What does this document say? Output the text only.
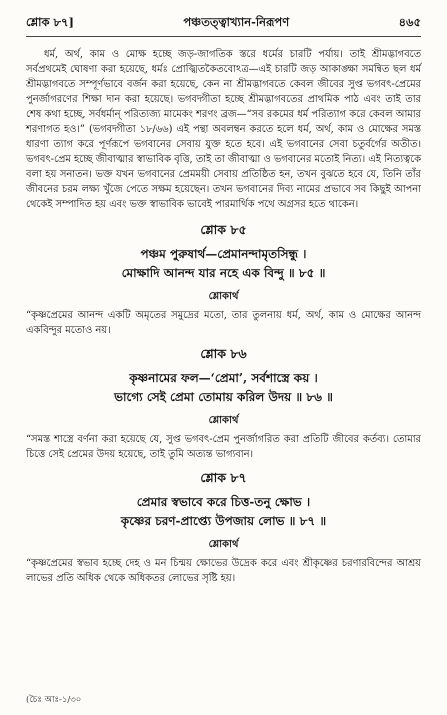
শ্লোক ৮৭]	পঞ্চতত্ত্বাখ্যান-নিরূপণ	৪৬৫

ধর্ম, অর্থ, কাম ও মোক্ষ হচ্ছে জড়-জাগতিক স্তরে ধর্মের চারটি পর্যায়। তাই শ্রীমদ্ভাগবতে সর্বপ্রথমেই ঘোষণা করা হয়েছে, ধর্মঃ প্রোজ্ঝিতকৈতবোঽত্র—এই চারটি জড় আকাঙ্ক্ষা সমন্বিত ছল ধর্ম শ্রীমদ্ভাগবতে সম্পূর্ণভাবে বর্জন করা হয়েছে, কেন না শ্রীমদ্ভাগবতে কেবল জীবের সুপ্ত ভগবৎ-প্রেমের পুনর্জাগরণের শিক্ষা দান করা হয়েছে। ভগবদ্গীতা হচ্ছে শ্রীমদ্ভাগবতের প্রাথমিক পাঠ এবং তাই তার শেষ কথা হচ্ছে, সর্বধর্মান্ পরিত্যজ্য মামেকং শরণং ব্রজ—“সব রকমের ধর্ম পরিত্যাগ করে কেবল আমার শরণাগত হও।” (ভগবদ্গীতা ১৮/৬৬) এই পন্থা অবলম্বন করতে হলে ধর্ম, অর্থ, কাম ও মোক্ষের সমস্ত ধারণা ত্যাগ করে পূর্ণরূপে ভগবানের সেবায় যুক্ত হতে হবে। এই ভগবানের সেবা চতুর্বর্গের অতীত। ভগবৎ-প্রেম হচ্ছে জীবাত্মার স্বাভাবিক বৃত্তি, তাই তা জীবাত্মা ও ভগবানের মতোই নিত্য। এই নিত্যত্বকে বলা হয় সনাতন। ভক্ত যখন ভগবানের প্রেমময়ী সেবায় প্রতিষ্ঠিত হন, তখন বুঝতে হবে যে, তিনি তাঁর জীবনের চরম লক্ষ্য খুঁজে পেতে সক্ষম হয়েছেন। তখন ভগবানের দিব্য নামের প্রভাবে সব কিছুই আপনা থেকেই সম্পাদিত হয় এবং ভক্ত স্বাভাবিক ভাবেই পারমার্থিক পথে অগ্রসর হতে থাকেন।

শ্লোক ৮৫
পঞ্চম পুরুষার্থ—প্রেমানন্দামৃতসিন্ধু ।
মোক্ষাদি আনন্দ যার নহে এক বিন্দু ॥ ৮৫ ॥
শ্লোকার্থ

“কৃষ্ণপ্রেমের আনন্দ একটি অমৃতের সমুদ্রের মতো, তার তুলনায় ধর্ম, অর্থ, কাম ও মোক্ষের আনন্দ একবিন্দুর মতোও নয়।

শ্লোক ৮৬
কৃষ্ণনামের ফল—‘প্রেমা’, সর্বশাস্ত্রে কয় ।
ভাগ্যে সেই প্রেমা তোমায় করিল উদয় ॥ ৮৬ ॥
শ্লোকার্থ

“সমস্ত শাস্ত্রে বর্ণনা করা হয়েছে যে, সুপ্ত ভগবৎ-প্রেম পুনর্জাগরিত করা প্রতিটি জীবের কর্তব্য। তোমার চিত্তে সেই প্রেমের উদয় হয়েছে, তাই তুমি অত্যন্ত ভাগ্যবান।

শ্লোক ৮৭
প্রেমার স্বভাবে করে চিত্ত-তনু ক্ষোভ ।
কৃষ্ণের চরণ-প্রাপ্ত্যে উপজায় লোভ ॥ ৮৭ ॥
শ্লোকার্থ

“কৃষ্ণপ্রেমের স্বভাব হচ্ছে দেহ ও মন চিন্ময় ক্ষোভের উদ্রেক করে এবং শ্রীকৃষ্ণের চরণারবিন্দের আশ্রয় লাভের প্রতি অধিক থেকে অধিকতর লোভের সৃষ্টি হয়।

(চৈঃ আঃ-১/৩০
